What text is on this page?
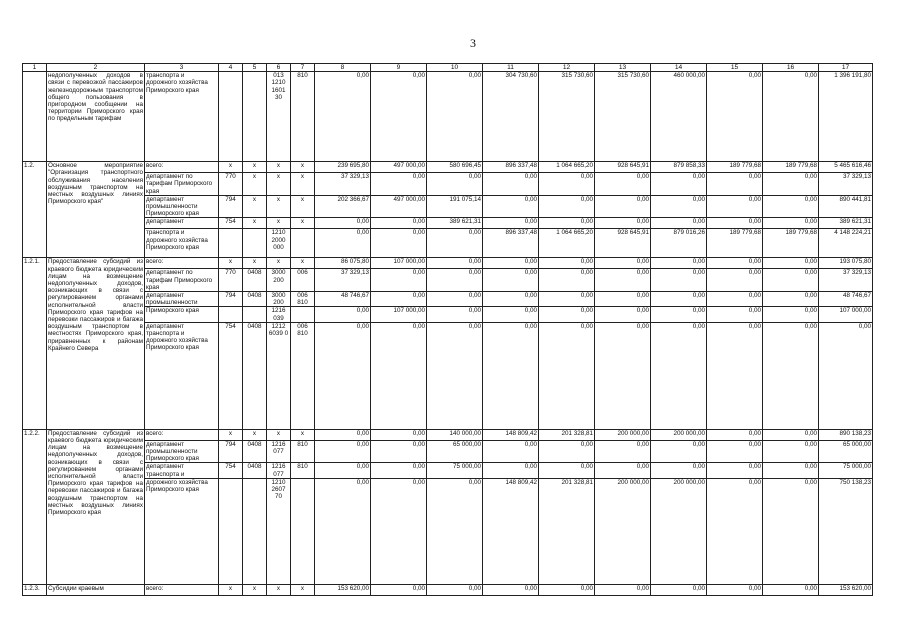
3
1	2	3	4	5	6	7	8	9	10	11	12	13	14	15	16	17
	недополученных доходов в связи с перевозкой пассажиров железнодорожным транспортом общего пользования в пригородном сообщении на территории Приморского края по предельным тарифам	транспорта и дорожного хозяйства Приморского края			013 1210 1601 30	810	0,00	0,00	0,00	304 730,60	315 730,60	315 730,60	460 000,00	0,00	0,00	1 396 191,80
1.2.	Основное мероприятие "Организация транспортного обслуживания населения воздушным транспортом на местных воздушных линиях Приморского края"	всего:	x	x	x	x	239 695,80	497 000,00	580 696,45	896 337,48	1 064 665,20	928 645,91	879 858,33	189 779,68	189 779,68	5 465 616,46
		департамент по тарифам Приморского края	770	x	x	x	37 329,13	0,00	0,00	0,00	0,00	0,00	0,00	0,00	0,00	37 329,13
		департамент промышленности Приморского края	794	x	x	x	202 366,67	497 000,00	191 075,14	0,00	0,00	0,00	0,00	0,00	0,00	890 441,81
		департамент	754	x	x	x	0,00	0,00	389 621,31	0,00	0,00	0,00	0,00	0,00	0,00	389 621,31
		транспорта и дорожного хозяйства Приморского края			1210 2000 000		0,00	0,00	0,00	896 337,48	1 064 665,20	928 645,91	879 016,26	189 779,68	189 779,68	4 148 224,21
1.2.1.	Предоставление субсидий из краевого бюджета юридическим лицам на возмещение недополученных доходов, возникающих в связи с регулированием органами исполнительной власти Приморского края тарифов на перевозки пассажиров и багажа воздушным транспортом в местностях Приморского края, приравненных к районам Крайнего Севера	всего:	x	x	x	x	86 075,80	107 000,00	0,00	0,00	0,00	0,00	0,00	0,00	0,00	193 075,80
		департамент по тарифам Приморского края	770	0408	3000 200	006	37 329,13	0,00	0,00	0,00	0,00	0,00	0,00	0,00	0,00	37 329,13
		департамент промышленности	794	0408	3000 200	006 810	48 746,67	0,00	0,00	0,00	0,00	0,00	0,00	0,00	0,00	48 746,67
		Приморского края			1216 039		0,00	107 000,00	0,00	0,00	0,00	0,00	0,00	0,00	0,00	107 000,00
		департамент транспорта и дорожного хозяйства Приморского края	754	0408	1212 6039 0	006 810	0,00	0,00	0,00	0,00	0,00	0,00	0,00	0,00	0,00	0,00
1.2.2.	Предоставление субсидий из краевого бюджета юридическим лицам на возмещение недополученных доходов, возникающих в связи с регулированием органами исполнительной власти Приморского края тарифов на перевозки пассажиров и багажа воздушным транспортом на местных воздушных линиях Приморского края	всего:	x	x	x	x	0,00	0,00	140 000,00	148 809,42	201 328,81	200 000,00	200 000,00	0,00	0,00	890 138,23
		департамент промышленности Приморского края	794	0408	1216 077	810	0,00	0,00	65 000,00	0,00	0,00	0,00	0,00	0,00	0,00	65 000,00
		департамент транспорта и	754	0408	1216 077	810	0,00	0,00	75 000,00	0,00	0,00	0,00	0,00	0,00	0,00	75 000,00
		дорожного хозяйства Приморского края			1210 2607 70		0,00	0,00	0,00	148 809,42	201 328,81	200 000,00	200 000,00	0,00	0,00	750 138,23
1.2.3.	Субсидии краевым	всего:	x	x	x	x	153 620,00	0,00	0,00	0,00	0,00	0,00	0,00	0,00	0,00	153 620,00
